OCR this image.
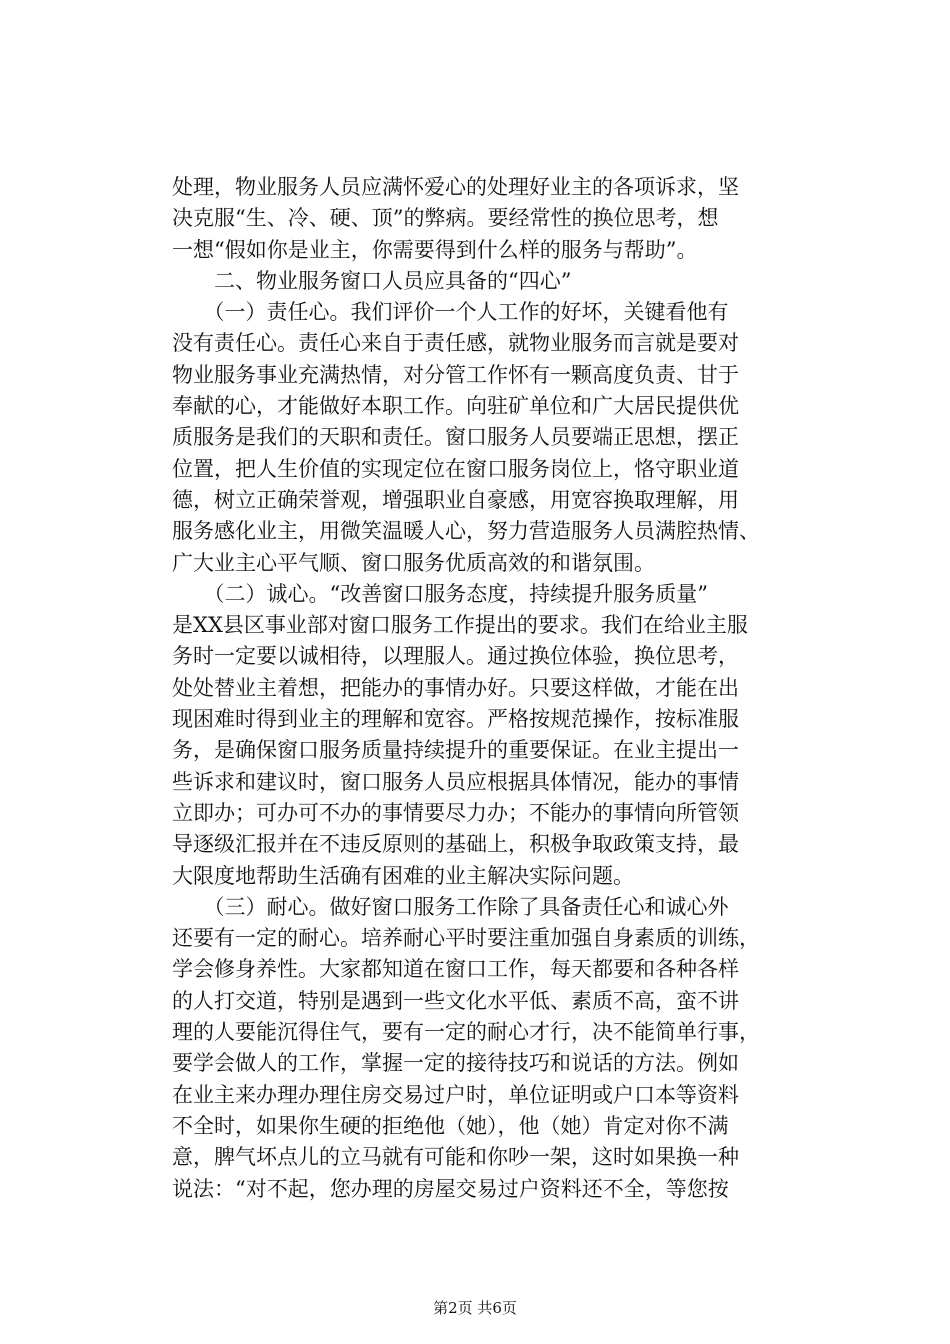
处理，物业服务人员应满怀爱心的处理好业主的各项诉求，坚
决克服“生、冷、硬、顶”的弊病。要经常性的换位思考，想
一想“假如你是业主，你需要得到什么样的服务与帮助”。
　　二、物业服务窗口人员应具备的“四心”
　　（一）责任心。我们评价一个人工作的好坏，关键看他有
没有责任心。责任心来自于责任感，就物业服务而言就是要对
物业服务事业充满热情，对分管工作怀有一颗高度负责、甘于
奉献的心，才能做好本职工作。向驻矿单位和广大居民提供优
质服务是我们的天职和责任。窗口服务人员要端正思想，摆正
位置，把人生价值的实现定位在窗口服务岗位上，恪守职业道
德，树立正确荣誉观，增强职业自豪感，用宽容换取理解，用
服务感化业主，用微笑温暖人心，努力营造服务人员满腔热情、
广大业主心平气顺、窗口服务优质高效的和谐氛围。
　　（二）诚心。“改善窗口服务态度，持续提升服务质量”
是XX县区事业部对窗口服务工作提出的要求。我们在给业主服
务时一定要以诚相待，以理服人。通过换位体验，换位思考，
处处替业主着想，把能办的事情办好。只要这样做，才能在出
现困难时得到业主的理解和宽容。严格按规范操作，按标准服
务，是确保窗口服务质量持续提升的重要保证。在业主提出一
些诉求和建议时，窗口服务人员应根据具体情况，能办的事情
立即办；可办可不办的事情要尽力办；不能办的事情向所管领
导逐级汇报并在不违反原则的基础上，积极争取政策支持，最
大限度地帮助生活确有困难的业主解决实际问题。
　　（三）耐心。做好窗口服务工作除了具备责任心和诚心外
还要有一定的耐心。培养耐心平时要注重加强自身素质的训练，
学会修身养性。大家都知道在窗口工作，每天都要和各种各样
的人打交道，特别是遇到一些文化水平低、素质不高，蛮不讲
理的人要能沉得住气，要有一定的耐心才行，决不能简单行事，
要学会做人的工作，掌握一定的接待技巧和说话的方法。例如
在业主来办理办理住房交易过户时，单位证明或户口本等资料
不全时，如果你生硬的拒绝他（她），他（她）肯定对你不满
意，脾气坏点儿的立马就有可能和你吵一架，这时如果换一种
说法：“对不起，您办理的房屋交易过户资料还不全，等您按
第2页 共6页
